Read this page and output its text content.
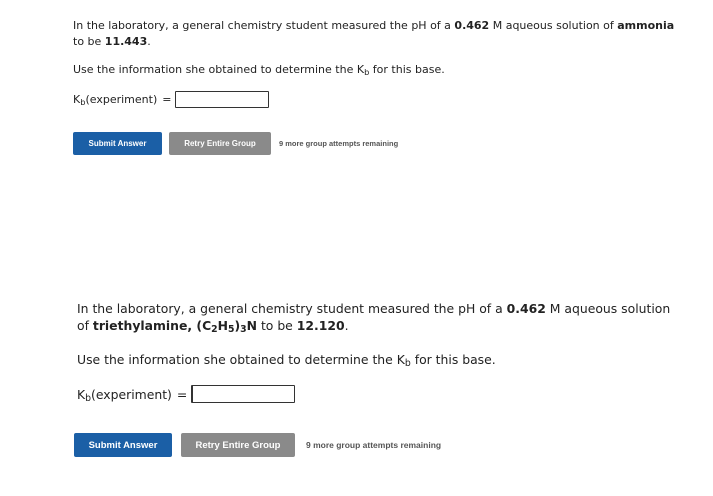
In the laboratory, a general chemistry student measured the pH of a 0.462 M aqueous solution of ammonia to be 11.443.

Use the information she obtained to determine the $K_b$ for this base.

$K_b(experiment)$ =
Submit Answer	Retry Entire Group	9 more group attempts remaining

In the laboratory, a general chemistry student measured the pH of a 0.462 M aqueous solution of triethylamine, $(C_2H_5)_3N$ to be 12.120.

Use the information she obtained to determine the $K_b$ for this base.

$K_b(experiment)$ =
Submit Answer	Retry Entire Group	9 more group attempts remaining
